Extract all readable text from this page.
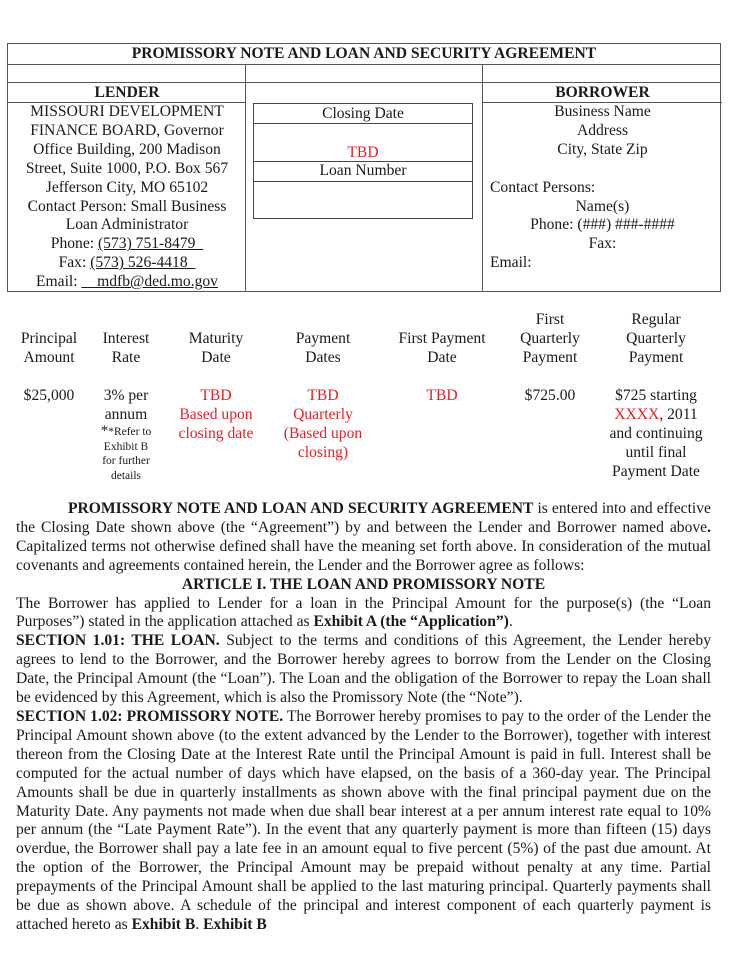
PROMISSORY NOTE AND LOAN AND SECURITY AGREEMENT
LENDER	BORROWER
MISSOURI DEVELOPMENT
FINANCE BOARD, Governor
Office Building, 200 Madison
Street, Suite 1000, P.O. Box 567
Jefferson City, MO 65102
Contact Person: Small Business
Loan Administrator
Phone: (573) 751-8479_
Fax: (573) 526-4418_
Email: __mdfb@ded.mo.gov
Closing Date
TBD
Loan Number
Business Name
Address
City, State Zip

Contact Persons:
Name(s)
Phone: (###) ###-####
Fax:
Email:
Principal
Amount
$25,000
Interest
Rate
3% per
annum
**Refer to
Exhibit B
for further
details
Maturity
Date
TBD
Based upon
closing date
Payment
Dates
TBD
Quarterly
(Based upon
closing)
First Payment
Date
TBD
First
Quarterly
Payment
$725.00
Regular
Quarterly
Payment
$725 starting
XXXX, 2011
and continuing
until final
Payment Date

PROMISSORY NOTE AND LOAN AND SECURITY AGREEMENT is entered into and effective the Closing Date shown above (the “Agreement”) by and between the Lender and Borrower named above. Capitalized terms not otherwise defined shall have the meaning set forth above. In consideration of the mutual covenants and agreements contained herein, the Lender and the Borrower agree as follows:

ARTICLE I. THE LOAN AND PROMISSORY NOTE

The Borrower has applied to Lender for a loan in the Principal Amount for the purpose(s) (the “Loan Purposes”) stated in the application attached as Exhibit A (the “Application”).

SECTION 1.01: THE LOAN. Subject to the terms and conditions of this Agreement, the Lender hereby agrees to lend to the Borrower, and the Borrower hereby agrees to borrow from the Lender on the Closing Date, the Principal Amount (the “Loan”). The Loan and the obligation of the Borrower to repay the Loan shall be evidenced by this Agreement, which is also the Promissory Note (the “Note”).

SECTION 1.02: PROMISSORY NOTE. The Borrower hereby promises to pay to the order of the Lender the Principal Amount shown above (to the extent advanced by the Lender to the Borrower), together with interest thereon from the Closing Date at the Interest Rate until the Principal Amount is paid in full. Interest shall be computed for the actual number of days which have elapsed, on the basis of a 360-day year. The Principal Amounts shall be due in quarterly installments as shown above with the final principal payment due on the Maturity Date. Any payments not made when due shall bear interest at a per annum interest rate equal to 10% per annum (the “Late Payment Rate”). In the event that any quarterly payment is more than fifteen (15) days overdue, the Borrower shall pay a late fee in an amount equal to five percent (5%) of the past due amount. At the option of the Borrower, the Principal Amount may be prepaid without penalty at any time. Partial prepayments of the Principal Amount shall be applied to the last maturing principal. Quarterly payments shall be due as shown above. A schedule of the principal and interest component of each quarterly payment is attached hereto as Exhibit B. Exhibit B
